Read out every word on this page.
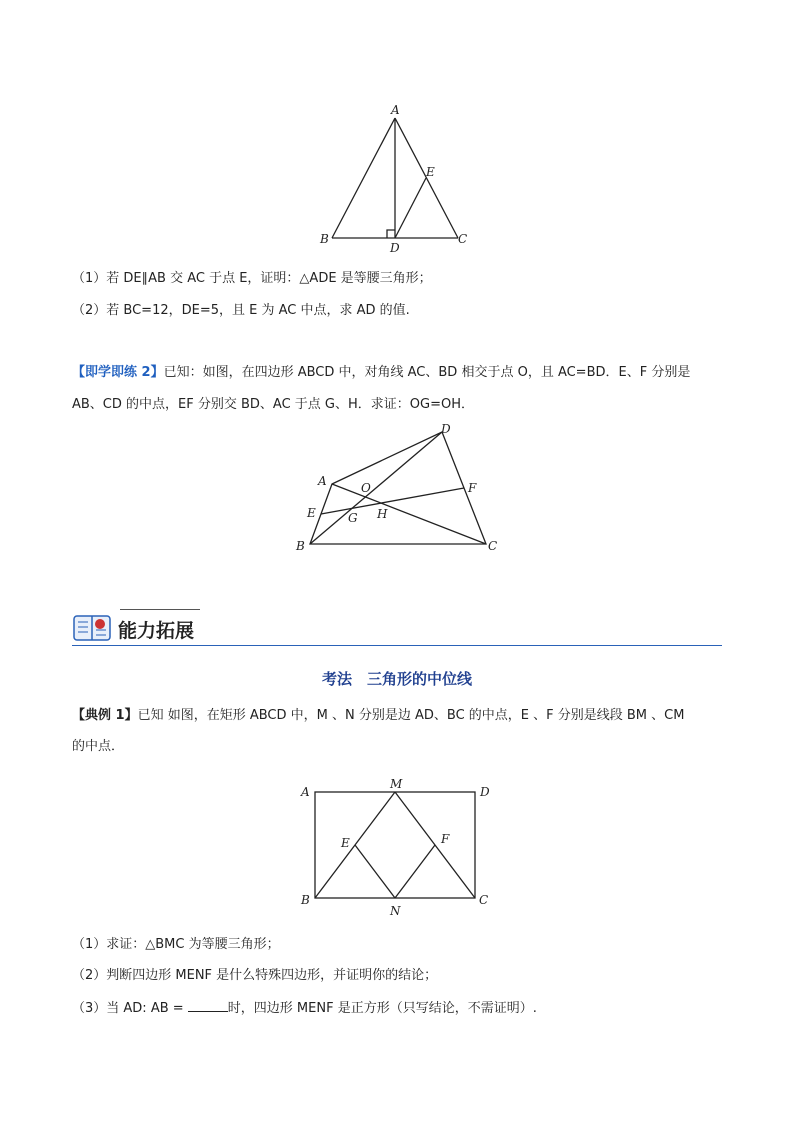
A
B	C
D
E
（1）若 DE∥AB 交 AC 于点 E，证明：△ADE 是等腰三角形；
（2）若 BC=12，DE=5，且 E 为 AC 中点，求 AD 的值.
【即学即练 2】已知：如图，在四边形 ABCD 中，对角线 AC、BD 相交于点 O，且 AC=BD．E、F 分别是
AB、CD 的中点，EF 分别交 BD、AC 于点 G、H．求证：OG=OH．
A
B	C
D
E
F
G H
O
能力拓展
考法　三角形的中位线
【典例 1】已知 如图，在矩形 ABCD 中，M 、N 分别是边 AD、BC 的中点，E 、F 分别是线段 BM 、CM
的中点．
A	D
M
B	C
N
E	F
（1）求证：△BMC 为等腰三角形；
（2）判断四边形 MENF 是什么特殊四边形，并证明你的结论；
（3）当 AD: AB =	时，四边形 MENF 是正方形（只写结论，不需证明）.
